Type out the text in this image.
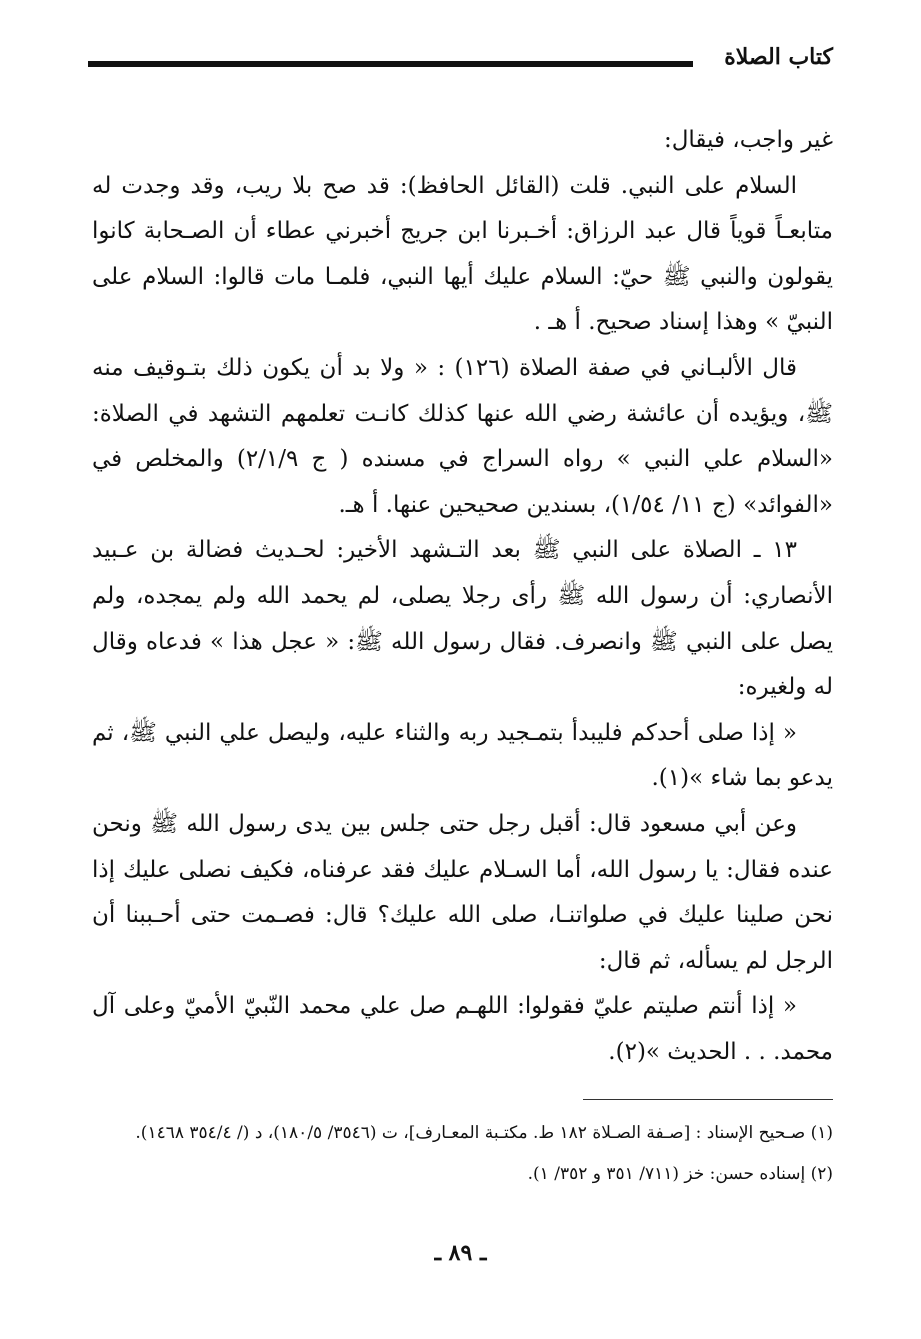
كتاب الصلاة

غير واجب، فيقال:

السلام على النبي. قلت (القائل الحافظ): قد صح بلا ريب، وقد وجدت له متابعـاً قوياً قال عبد الرزاق: أخـبرنا ابن جريج أخبرني عطاء أن الصـحابة كانوا يقولون والنبي ﷺ حيّ: السلام عليك أيها النبي، فلمـا مات قالوا: السلام على النبيّ » وهذا إسناد صحيح. أ هـ .

قال الألبـاني في صفة الصلاة (١٢٦) : « ولا بد أن يكون ذلك بتـوقيف منه ﷺ، ويؤيده أن عائشة رضي الله عنها كذلك كانـت تعلمهم التشهد في الصلاة: «السلام علي النبي » رواه السراج في مسنده ( ج ٢/١/٩) والمخلص في «الفوائد» (ج ١١/ ١/٥٤)، بسندين صحيحين عنها. أ هـ.

١٣ ـ الصلاة على النبي ﷺ بعد التـشهد الأخير: لحـديث فضالة بن عـبيد الأنصاري: أن رسول الله ﷺ رأى رجلا يصلى، لم يحمد الله ولم يمجده، ولم يصل على النبي ﷺ وانصرف. فقال رسول الله ﷺ: « عجل هذا » فدعاه وقال له ولغيره:

« إذا صلى أحدكم فليبدأ بتمـجيد ربه والثناء عليه، وليصل علي النبي ﷺ، ثم يدعو بما شاء »(١).

وعن أبي مسعود قال: أقبل رجل حتى جلس بين يدى رسول الله ﷺ ونحن عنده فقال: يا رسول الله، أما السـلام عليك فقد عرفناه، فكيف نصلى عليك إذا نحن صلينا عليك في صلواتنـا، صلى الله عليك؟ قال: فصـمت حتى أحـببنا أن الرجل لم يسأله، ثم قال:

« إذا أنتم صليتم عليّ فقولوا: اللهـم صل علي محمد النّبيّ الأميّ وعلى آل محمد. . . الحديث »(٢).

(١) صـحيح الإسناد : [صـفة الصـلاة ١٨٢ ط. مكتـبة المعـارف]، ت (٣٥٤٦/ ١٨٠/٥)، د (/ ٣٥٤/٤ ١٤٦٨).

(٢) إسناده حسن: خز (٧١١/ ٣٥١ و ٣٥٢/ ١).

ـ ٨٩ ـ
